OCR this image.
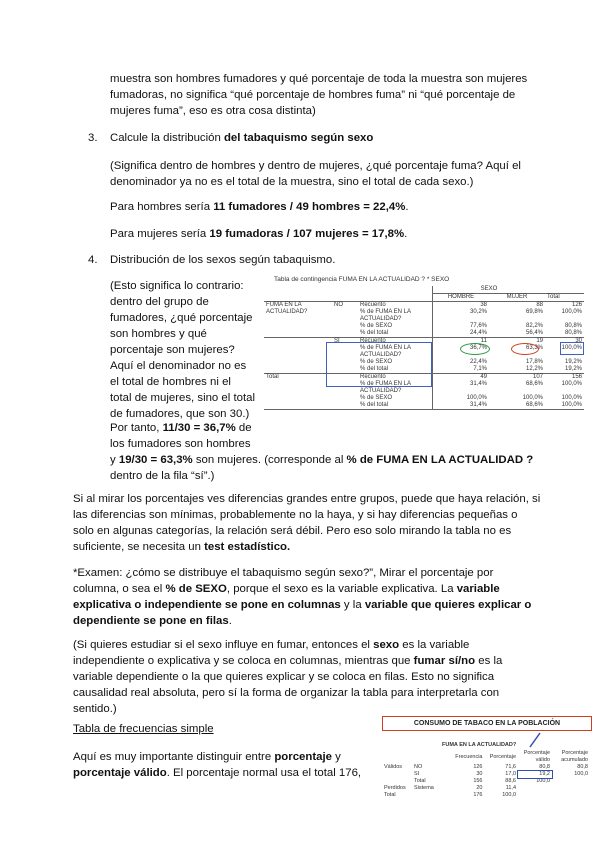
muestra son hombres fumadores y qué porcentaje de toda la muestra son mujeres

fumadoras, no significa “qué porcentaje de hombres fuma” ni “qué porcentaje de

mujeres fuma”, eso es otra cosa distinta)

3. Calcule la distribución del tabaquismo según sexo

(Significa dentro de hombres y dentro de mujeres, ¿qué porcentaje fuma? Aquí el

denominador ya no es el total de la muestra, sino el total de cada sexo.)

Para hombres sería 11 fumadores / 49 hombres = 22,4%.

Para mujeres sería 19 fumadoras / 107 mujeres = 17,8%.

4. Distribución de los sexos según tabaquismo.

(Esto significa lo contrario:

dentro del grupo de

fumadores, ¿qué porcentaje

son hombres y qué

porcentaje son mujeres?

Aquí el denominador no es

el total de hombres ni el

total de mujeres, sino el total

de fumadores, que son 30.)

Por tanto, 11/30 = 36,7% de

los fumadores son hombres

y 19/30 = 63,3% son mujeres. (corresponde al % de FUMA EN LA ACTUALIDAD ?

dentro de la fila “sí”.)

Tabla de contingencia FUMA EN LA ACTUALIDAD ? * SEXO
			SEXO		
			HOMBRE	MUJER	Total
FUMA EN LA	NO	Recuento	38	88	126
ACTUALIDAD?		% de FUMA EN LA	30,2%	69,8%	100,0%
		ACTUALIDAD?			
		% de SEXO	77,6%	82,2%	80,8%
		% del total	24,4%	56,4%	80,8%
	SI	Recuento	11	19	30
		% de FUMA EN LA	36,7%	63,3%	100,0%
		ACTUALIDAD?			
		% de SEXO	22,4%	17,8%	19,2%
		% del total	7,1%	12,2%	19,2%
Total		Recuento	49	107	156
		% de FUMA EN LA	31,4%	68,6%	100,0%
		ACTUALIDAD?			
		% de SEXO	100,0%	100,0%	100,0%
		% del total	31,4%	68,6%	100,0%

Si al mirar los porcentajes ves diferencias grandes entre grupos, puede que haya relación, si

las diferencias son mínimas, probablemente no la haya, y si hay diferencias pequeñas o

solo en algunas categorías, la relación será débil. Pero eso solo mirando la tabla no es

suficiente, se necesita un test estadístico.

*Examen: ¿cómo se distribuye el tabaquismo según sexo?”, Mirar el porcentaje por

columna, o sea el % de SEXO, porque el sexo es la variable explicativa. La variable

explicativa o independiente se pone en columnas y la variable que quieres explicar o

dependiente se pone en filas.

(Si quieres estudiar si el sexo influye en fumar, entonces el sexo es la variable

independiente o explicativa y se coloca en columnas, mientras que fumar sí/no es la

variable dependiente o la que quieres explicar y se coloca en filas. Esto no significa

causalidad real absoluta, pero sí la forma de organizar la tabla para interpretarla con

sentido.)

Tabla de frecuencias simple

Aquí es muy importante distinguir entre porcentaje y

porcentaje válido. El porcentaje normal usa el total 176,

CONSUMO DE TABACO EN LA POBLACIÓN
FUMA EN LA ACTUALIDAD?
		Frecuencia	Porcentaje	Porcentaje válido	Porcentaje acumulado
Válidos	NO	126	71,6	80,8	80,8
	SI	30	17,0	19,2	100,0
	Total	156	88,6	100,0	
Perdidos	Sistema	20	11,4		
Total		176	100,0		
